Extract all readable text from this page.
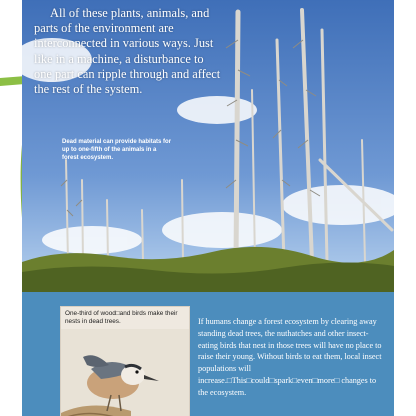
All of these plants, animals, and parts of the environment are interconnected in various ways. Just like in a machine, a disturbance to one part can ripple through and affect the rest of the system.
Dead material can provide habitats for up to one-fifth of the animals in a forest ecosystem.
One-third of wood□and birds make their nests in dead trees.	If humans change a forest ecosystem by clearing away standing dead trees, the nuthatches and other insect-eating birds that nest in those trees will have no place to raise their young. Without birds to eat them, local insect populations will increase.□This□could□spark□even□more□ changes to the ecosystem.
